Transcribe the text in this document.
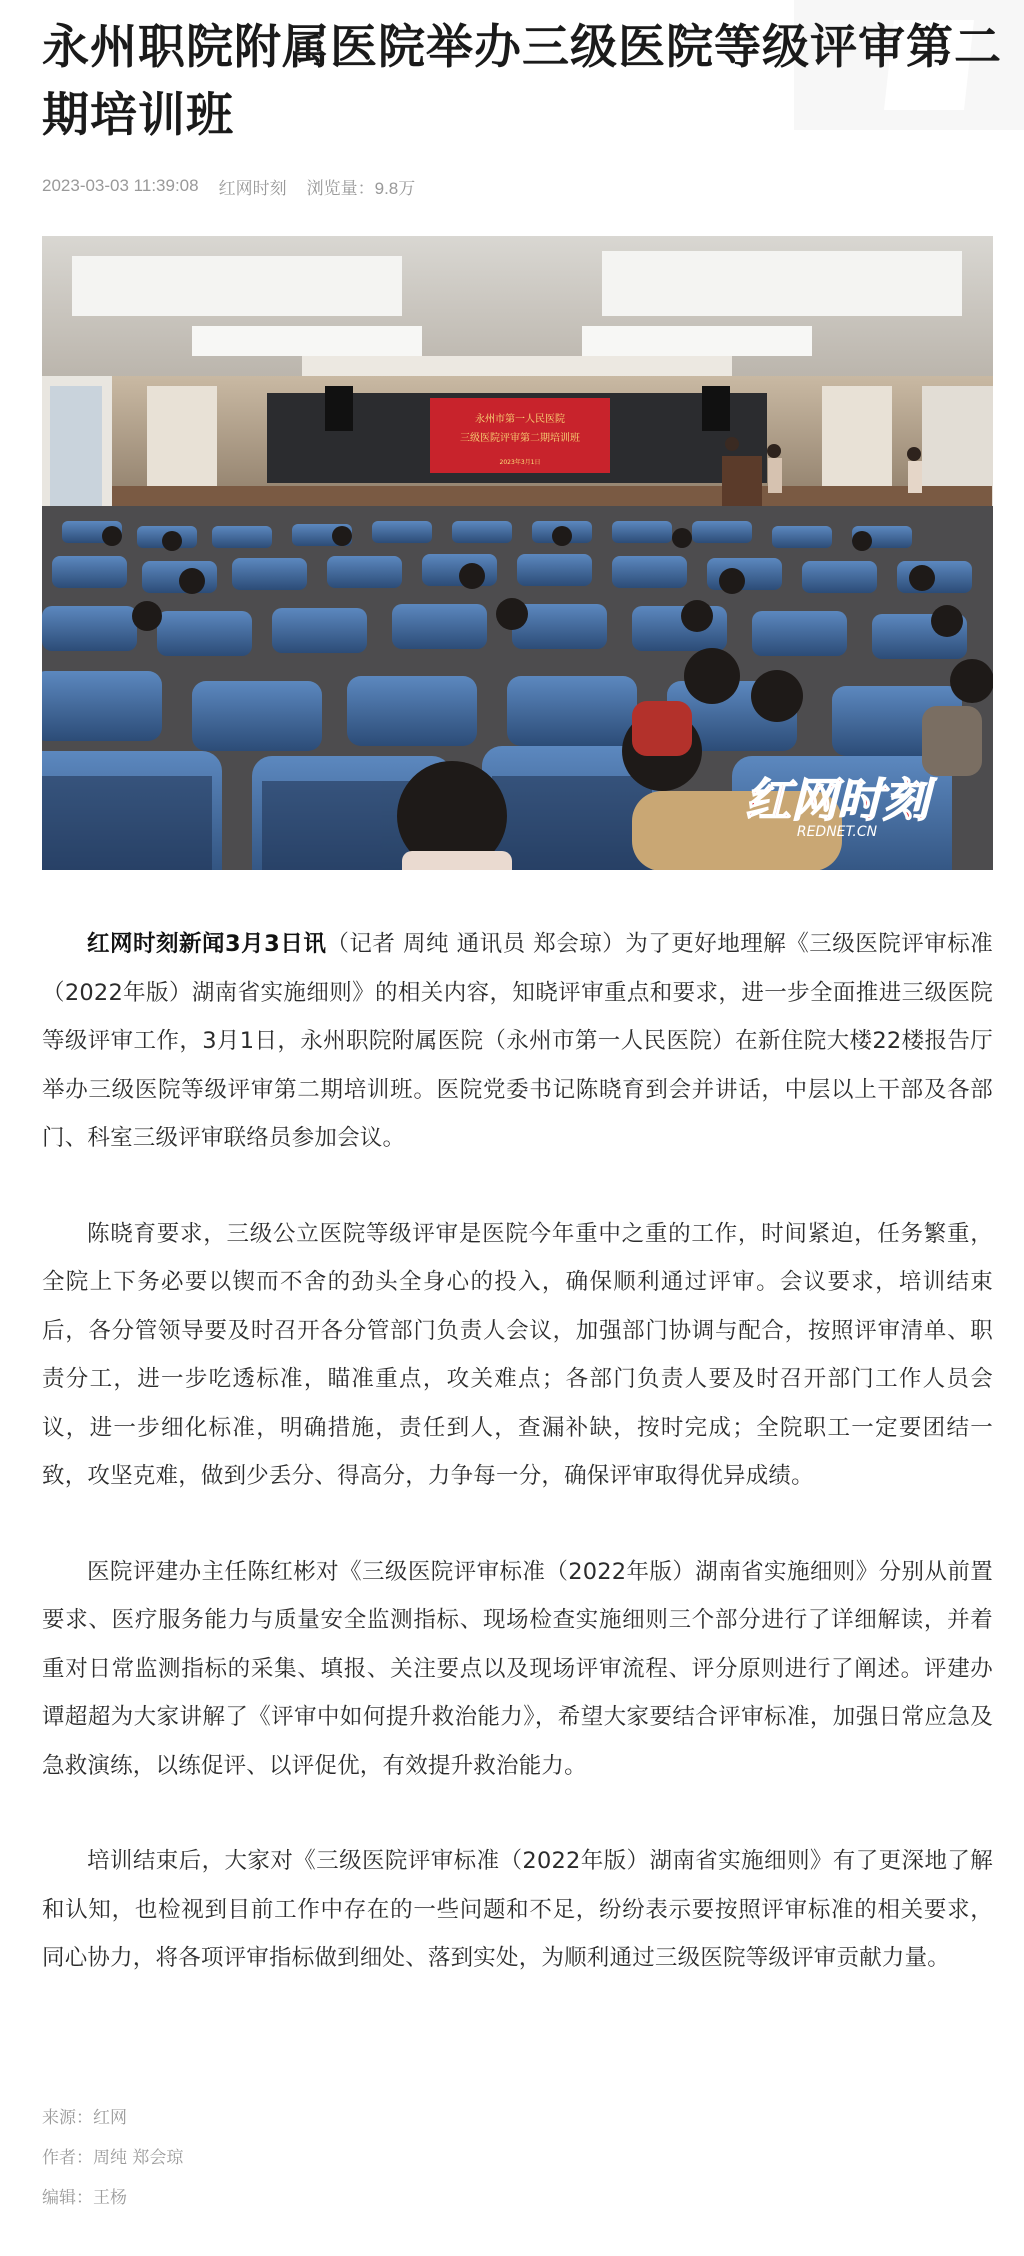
永州职院附属医院举办三级医院等级评审第二期培训班
2023-03-03 11:39:08 红网时刻 浏览量：9.8万
永州市第一人民医院
三级医院评审第二期培训班
2023年3月1日
红网时刻
REDNET.CN

红网时刻新闻3月3日讯（记者 周纯 通讯员 郑会琼）为了更好地理解《三级医院评审标准（2022年版）湖南省实施细则》的相关内容，知晓评审重点和要求，进一步全面推进三级医院等级评审工作，3月1日，永州职院附属医院（永州市第一人民医院）在新住院大楼22楼报告厅举办三级医院等级评审第二期培训班。医院党委书记陈晓育到会并讲话，中层以上干部及各部门、科室三级评审联络员参加会议。

陈晓育要求，三级公立医院等级评审是医院今年重中之重的工作，时间紧迫，任务繁重，全院上下务必要以锲而不舍的劲头全身心的投入，确保顺利通过评审。会议要求，培训结束后，各分管领导要及时召开各分管部门负责人会议，加强部门协调与配合，按照评审清单、职责分工，进一步吃透标准，瞄准重点，攻关难点；各部门负责人要及时召开部门工作人员会议，进一步细化标准，明确措施，责任到人，查漏补缺，按时完成；全院职工一定要团结一致，攻坚克难，做到少丢分、得高分，力争每一分，确保评审取得优异成绩。

医院评建办主任陈红彬对《三级医院评审标准（2022年版）湖南省实施细则》分别从前置要求、医疗服务能力与质量安全监测指标、现场检查实施细则三个部分进行了详细解读，并着重对日常监测指标的采集、填报、关注要点以及现场评审流程、评分原则进行了阐述。评建办谭超超为大家讲解了《评审中如何提升救治能力》，希望大家要结合评审标准，加强日常应急及急救演练，以练促评、以评促优，有效提升救治能力。

培训结束后，大家对《三级医院评审标准（2022年版）湖南省实施细则》有了更深地了解和认知，也检视到目前工作中存在的一些问题和不足，纷纷表示要按照评审标准的相关要求，同心协力，将各项评审指标做到细处、落到实处，为顺利通过三级医院等级评审贡献力量。

来源：红网
作者：周纯 郑会琼
编辑：王杨
